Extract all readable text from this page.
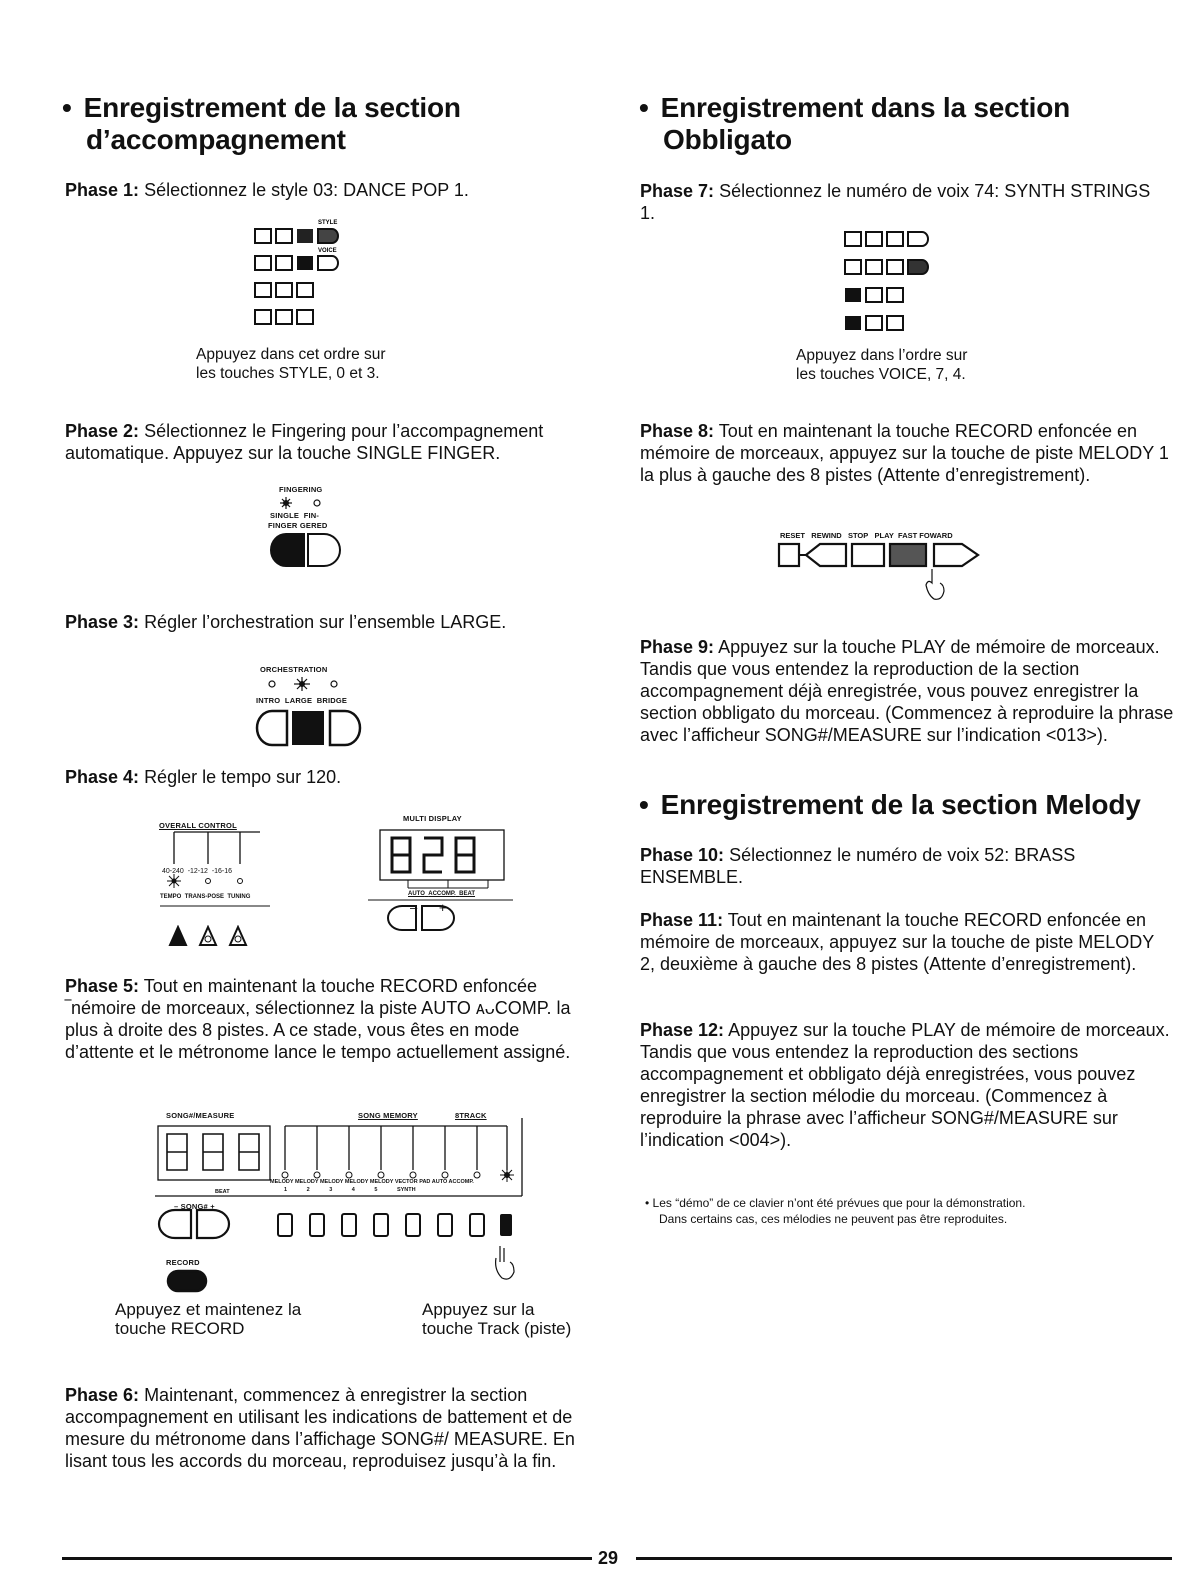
• Enregistrement de la section
d’accompagnement

Phase 1: Sélectionnez le style 03: DANCE POP 1.

STYLE
VOICE

Appuyez dans cet ordre sur

les touches STYLE, 0 et 3.

Phase 2: Sélectionnez le Fingering pour l’accompagnement automatique. Appuyez sur la touche SINGLE FINGER.

FINGERING
SINGLE FIN-
FINGER GERED

Phase 3: Régler l’orchestration sur l’ensemble LARGE.

ORCHESTRATION
INTRO LARGE BRIDGE

Phase 4: Régler le tempo sur 120.

OVERALL CONTROL
40-240 -12-12 -16-16
TEMPO TRANS-POSE TUNING
MULTI DISPLAY
AUTO ACCOMP. BEAT
– +

Phase 5: Tout en maintenant la touche RECORD enfoncée ‾némoire de morceaux, sélectionnez la piste AUTO ᴀᴗCOMP. la plus à droite des 8 pistes. A ce stade, vous êtes en mode d’attente et le métronome lance le tempo actuellement assigné.

SONG#/MEASURE	SONG MEMORY	8TRACK
MELODY MELODY MELODY MELODY MELODY VECTOR PAD AUTO ACCOMP.
1	2	3	4	5	SYNTH
BEAT
– SONG# +
RECORD

Appuyez et maintenez la

touche RECORD

Appuyez sur la

touche Track (piste)

Phase 6: Maintenant, commencez à enregistrer la section accompagnement en utilisant les indications de battement et de mesure du métronome dans l’affichage SONG#/ MEASURE. En lisant tous les accords du morceau, reproduisez jusqu’à la fin.

• Enregistrement dans la section
Obbligato

Phase 7: Sélectionnez le numéro de voix 74: SYNTH STRINGS 1.

Appuyez dans l’ordre sur

les touches VOICE, 7, 4.

Phase 8: Tout en maintenant la touche RECORD enfoncée en mémoire de morceaux, appuyez sur la touche de piste MELODY 1 la plus à gauche des 8 pistes (Attente d’enregistrement).

RESET REWIND STOP PLAY FAST FOWARD

Phase 9: Appuyez sur la touche PLAY de mémoire de morceaux. Tandis que vous entendez la reproduction de la section accompagnement déjà enregistrée, vous pouvez enregistrer la section obbligato du morceau. (Commencez à reproduire la phrase avec l’afficheur SONG#/MEASURE sur l’indication <013>).

• Enregistrement de la section Melody

Phase 10: Sélectionnez le numéro de voix 52: BRASS ENSEMBLE.

Phase 11: Tout en maintenant la touche RECORD enfoncée en mémoire de morceaux, appuyez sur la touche de piste MELODY 2, deuxième à gauche des 8 pistes (Attente d’enregistrement).

Phase 12: Appuyez sur la touche PLAY de mémoire de morceaux. Tandis que vous entendez la reproduction des sections accompagnement et obbligato déjà enregistrées, vous pouvez enregistrer la section mélodie du morceau. (Commencez à reproduire la phrase avec l’afficheur SONG#/MEASURE sur l’indication <004>).

• Les “démo” de ce clavier n’ont été prévues que pour la démonstration.
Dans certains cas, ces mélodies ne peuvent pas être reproduites.
29
